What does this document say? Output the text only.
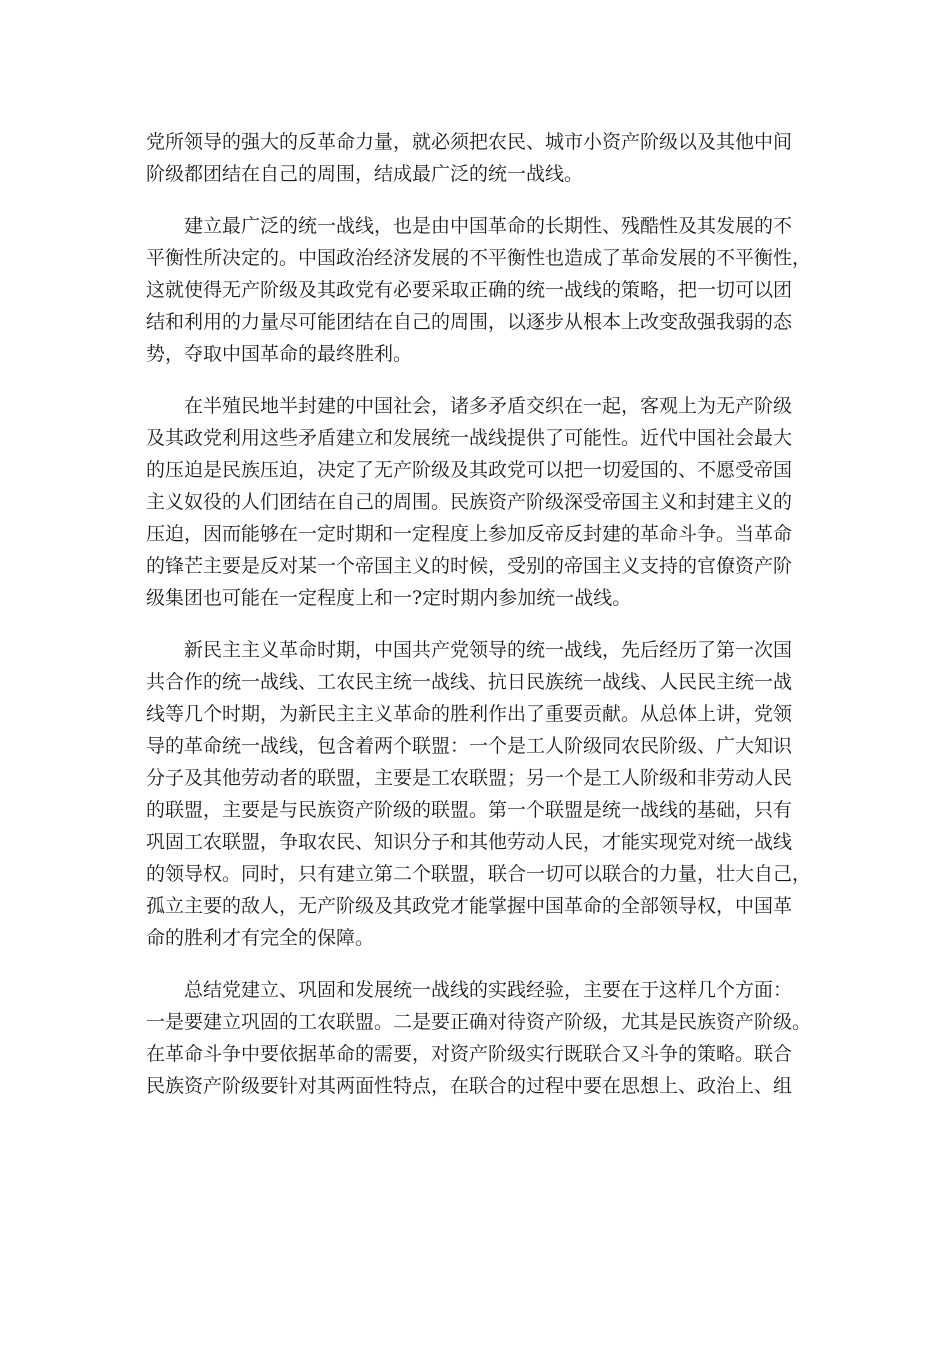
党所领导的强大的反革命力量，就必须把农民、城市小资产阶级以及其他中间
阶级都团结在自己的周围，结成最广泛的统一战线。

建立最广泛的统一战线，也是由中国革命的长期性、残酷性及其发展的不
平衡性所决定的。中国政治经济发展的不平衡性也造成了革命发展的不平衡性，
这就使得无产阶级及其政党有必要采取正确的统一战线的策略，把一切可以团
结和利用的力量尽可能团结在自己的周围，以逐步从根本上改变敌强我弱的态
势，夺取中国革命的最终胜利。

在半殖民地半封建的中国社会，诸多矛盾交织在一起，客观上为无产阶级
及其政党利用这些矛盾建立和发展统一战线提供了可能性。近代中国社会最大
的压迫是民族压迫，决定了无产阶级及其政党可以把一切爱国的、不愿受帝国
主义奴役的人们团结在自己的周围。民族资产阶级深受帝国主义和封建主义的
压迫，因而能够在一定时期和一定程度上参加反帝反封建的革命斗争。当革命
的锋芒主要是反对某一个帝国主义的时候，受别的帝国主义支持的官僚资产阶
级集团也可能在一定程度上和一?定时期内参加统一战线。

新民主主义革命时期，中国共产党领导的统一战线，先后经历了第一次国
共合作的统一战线、工农民主统一战线、抗日民族统一战线、人民民主统一战
线等几个时期，为新民主主义革命的胜利作出了重要贡献。从总体上讲，党领
导的革命统一战线，包含着两个联盟：一个是工人阶级同农民阶级、广大知识
分子及其他劳动者的联盟，主要是工农联盟；另一个是工人阶级和非劳动人民
的联盟，主要是与民族资产阶级的联盟。第一个联盟是统一战线的基础，只有
巩固工农联盟，争取农民、知识分子和其他劳动人民，才能实现党对统一战线
的领导权。同时，只有建立第二个联盟，联合一切可以联合的力量，壮大自己，
孤立主要的敌人，无产阶级及其政党才能掌握中国革命的全部领导权，中国革
命的胜利才有完全的保障。

总结党建立、巩固和发展统一战线的实践经验，主要在于这样几个方面：
一是要建立巩固的工农联盟。二是要正确对待资产阶级，尤其是民族资产阶级。
在革命斗争中要依据革命的需要，对资产阶级实行既联合又斗争的策略。联合
民族资产阶级要针对其两面性特点，在联合的过程中要在思想上、政治上、组
